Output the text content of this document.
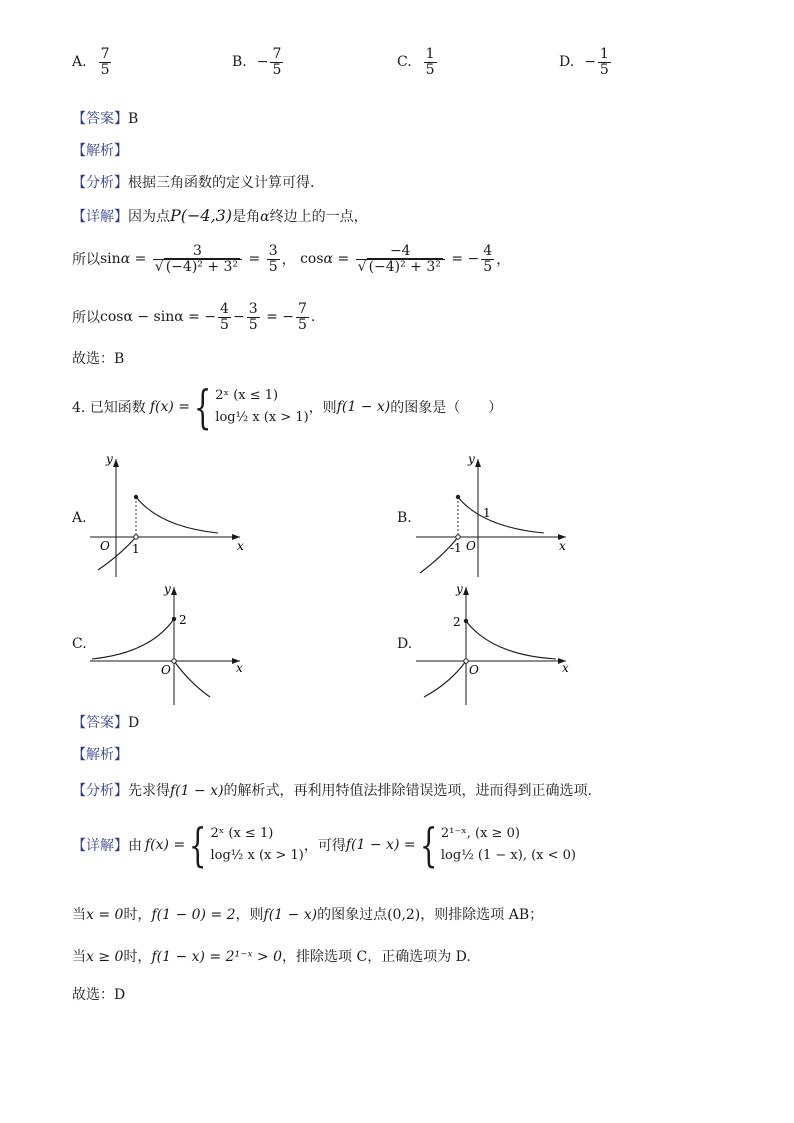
A. $\frac{7}{5}$	B. − $\frac{7}{5}$	C. $\frac{1}{5}$	D. − $\frac{1}{5}$
【答案】B
【解析】
【分析】根据三角函数的定义计算可得.
【详解】因为点P(−4,3)是角α终边上的一点，
所以 $\sin \alpha = \frac{3}{\text{√ (−4)² + 3²}} = \frac{3}{5}$ ， $\cos \alpha = \frac{-4}{\text{√ (−4)² + 3²}}$ = − $\frac{4}{5}$ ，
所以 cosα − sinα = − $\frac{4}{5} - \frac{3}{5}$ = − $\frac{7}{5}$ .
故选：B
4. 已知函数 f(x) = { 2ˣ (x ≤ 1)
log½ x (x > 1)
，则 f(1 − x) 的图象是（　　）
A.
y
x
O 1
B.
y
x
O
-1
1
C.
y
x
O
2
D.
y
x
O
2
【答案】D
【解析】
【分析】先求得f(1 − x)的解析式，再利用特值法排除错误选项，进而得到正确选项.
【详解】 由 f(x) = { 2ˣ (x ≤ 1)
log½ x (x > 1)
，可得 f(1 − x) = { 2¹⁻ˣ, (x ≥ 0)
log½ (1 − x), (x < 0)
当x = 0时，f(1 − 0) = 2，则f(1 − x)的图象过点(0,2)，则排除选项 AB；
当x ≥ 0时，f(1 − x) = 2¹⁻ˣ > 0，排除选项 C，正确选项为 D.
故选：D
